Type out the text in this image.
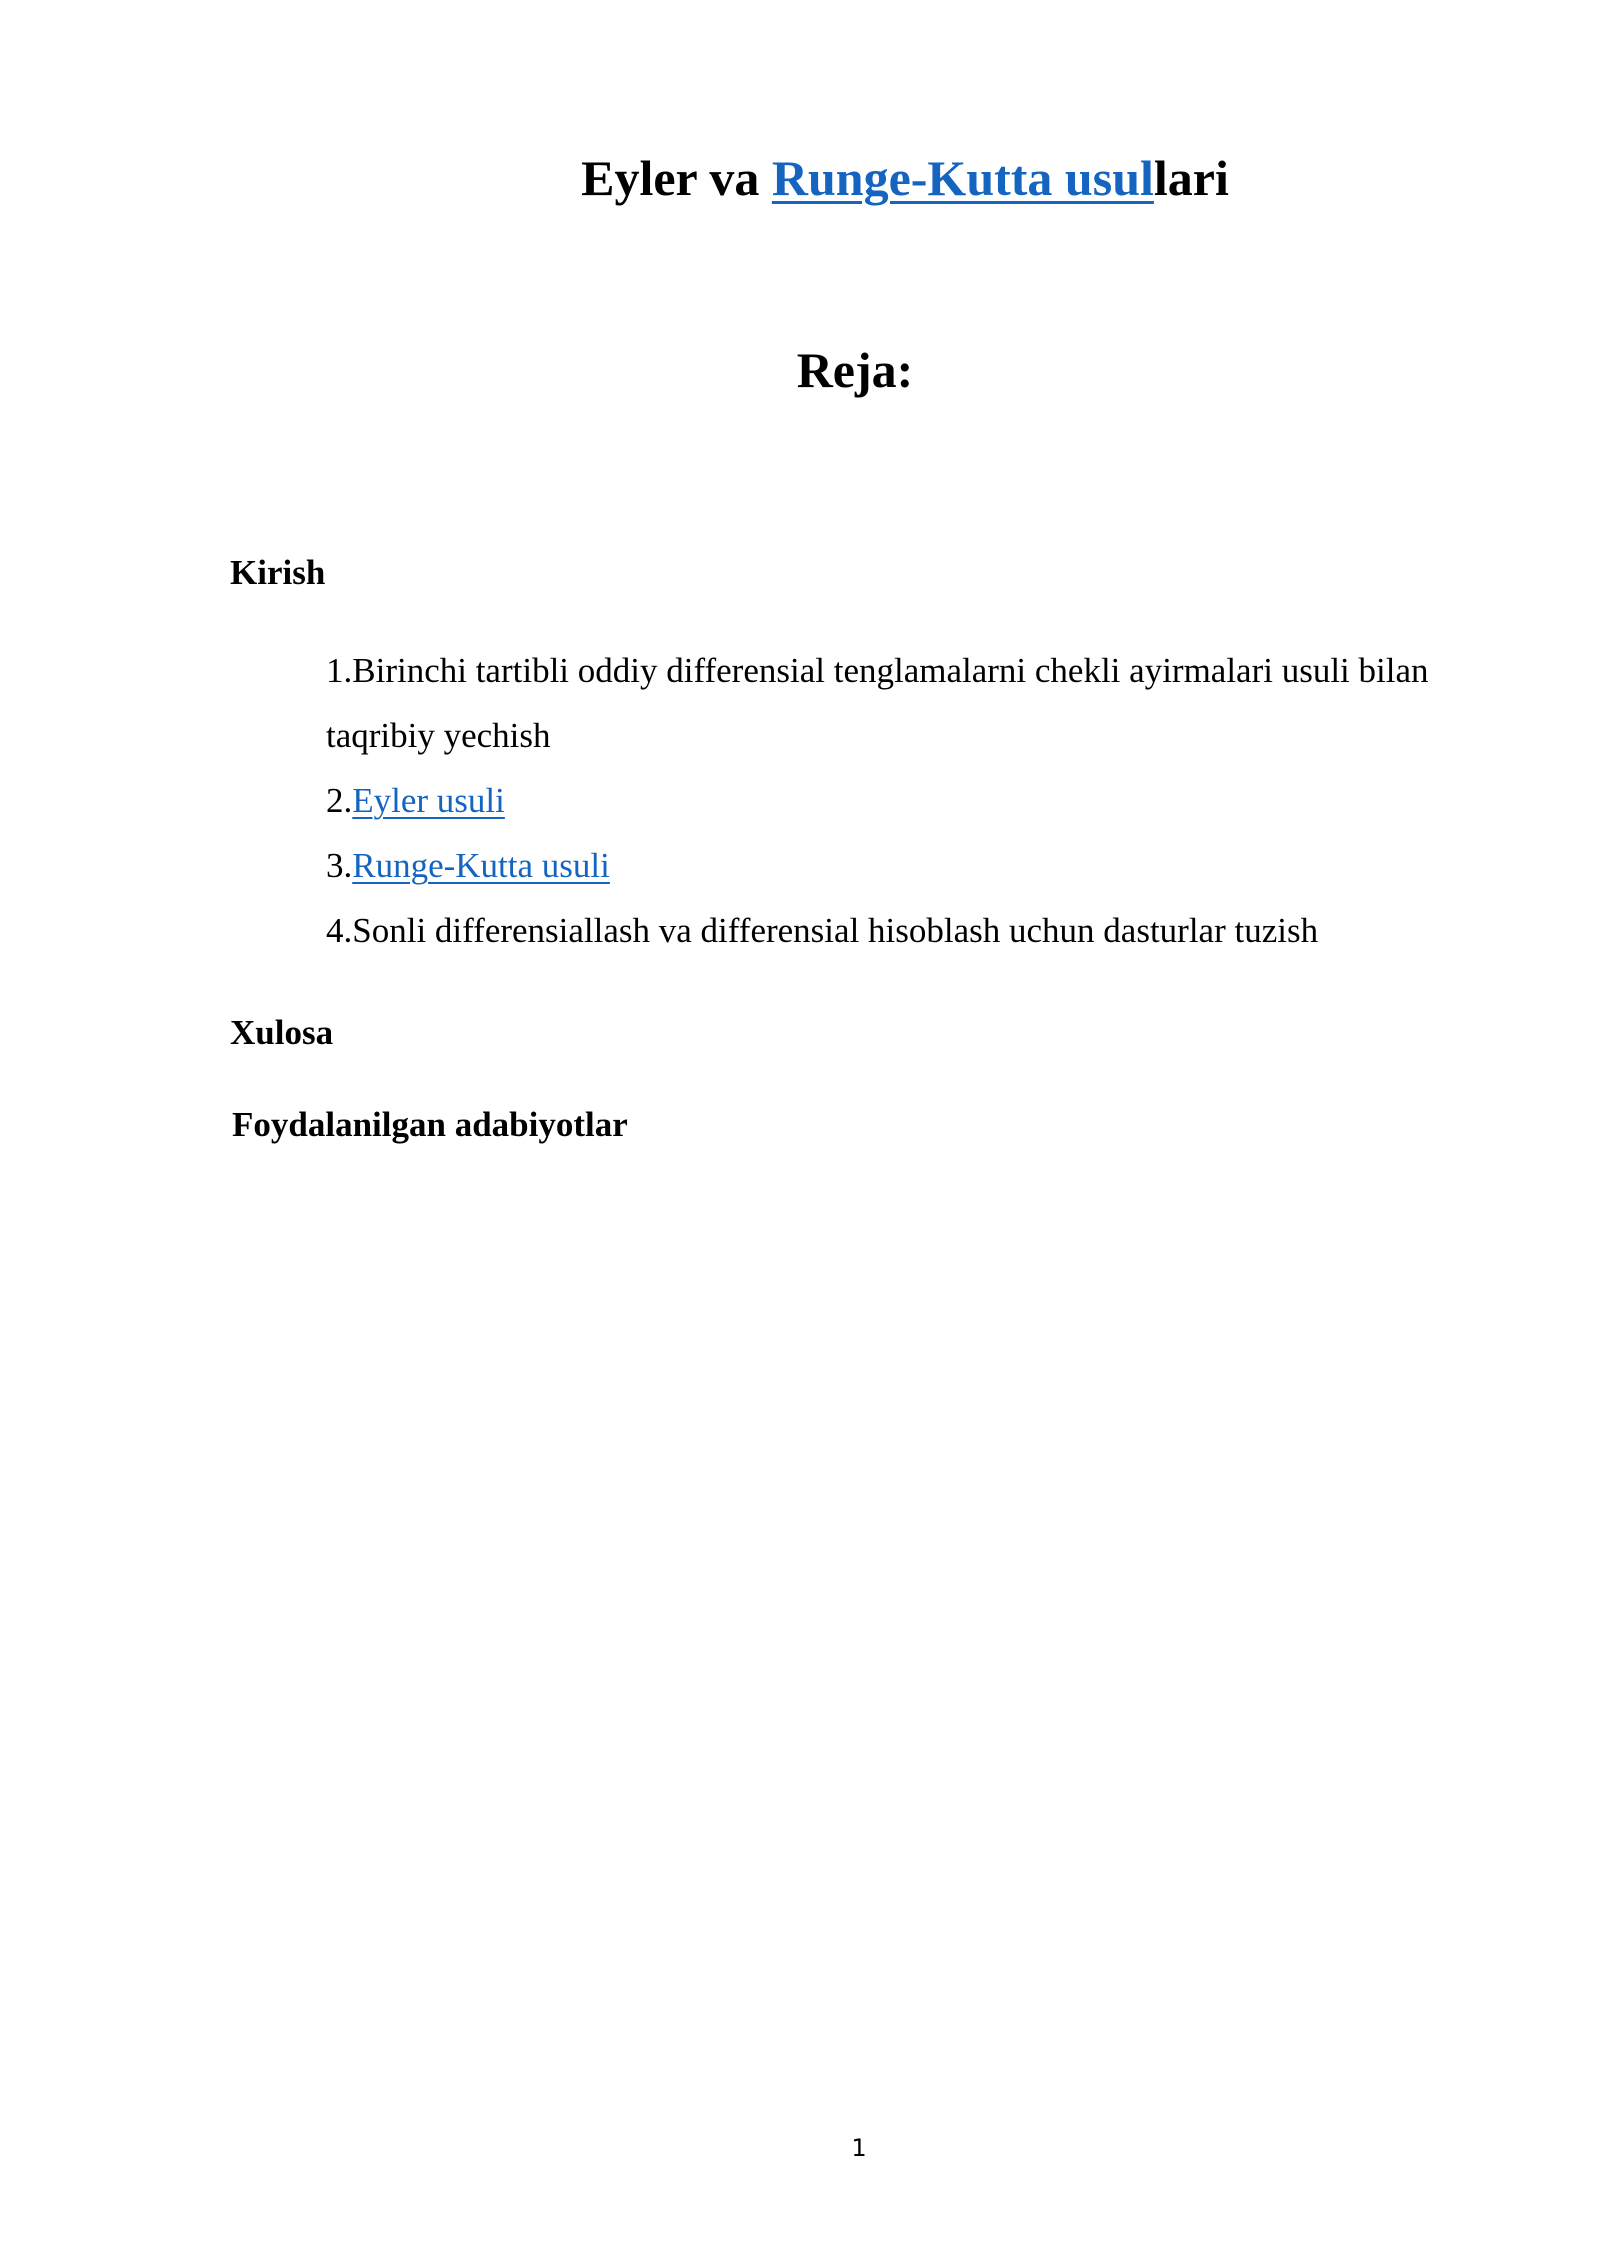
Eyler va Runge-Kutta usullari
Reja:
Kirish
1.Birinchi tartibli oddiy differensial tenglamalarni chekli ayirmalari usuli bilan taqribiy yechish
2.Eyler usuli
3.Runge-Kutta usuli
4.Sonli differensiallash va differensial hisoblash uchun dasturlar tuzish
Xulosa
Foydalanilgan adabiyotlar
1
